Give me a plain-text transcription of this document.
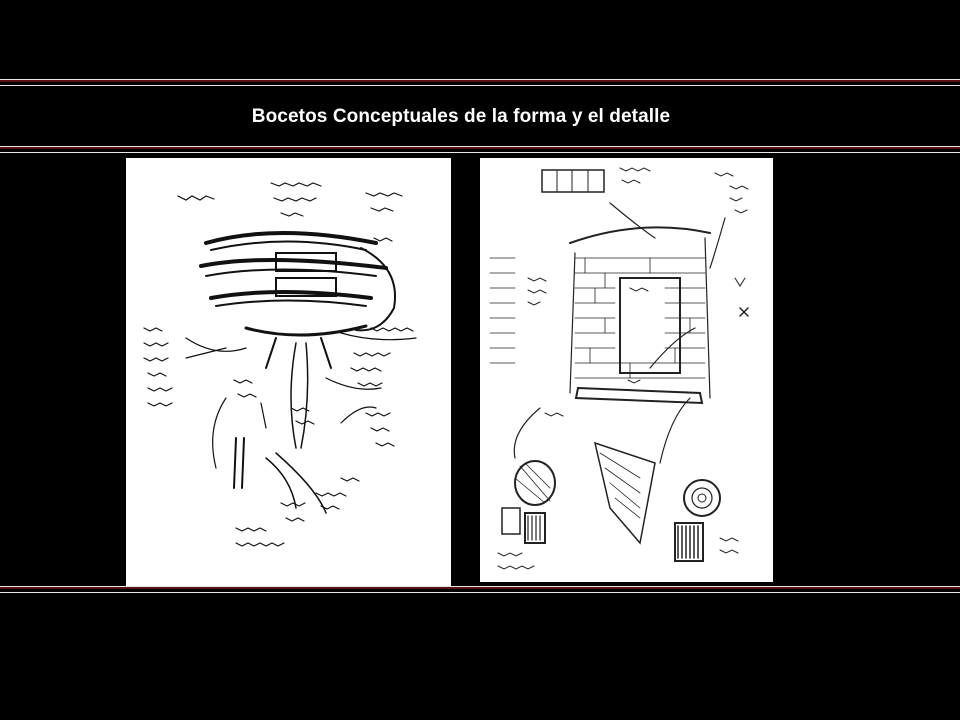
Bocetos Conceptuales de la forma y el detalle
